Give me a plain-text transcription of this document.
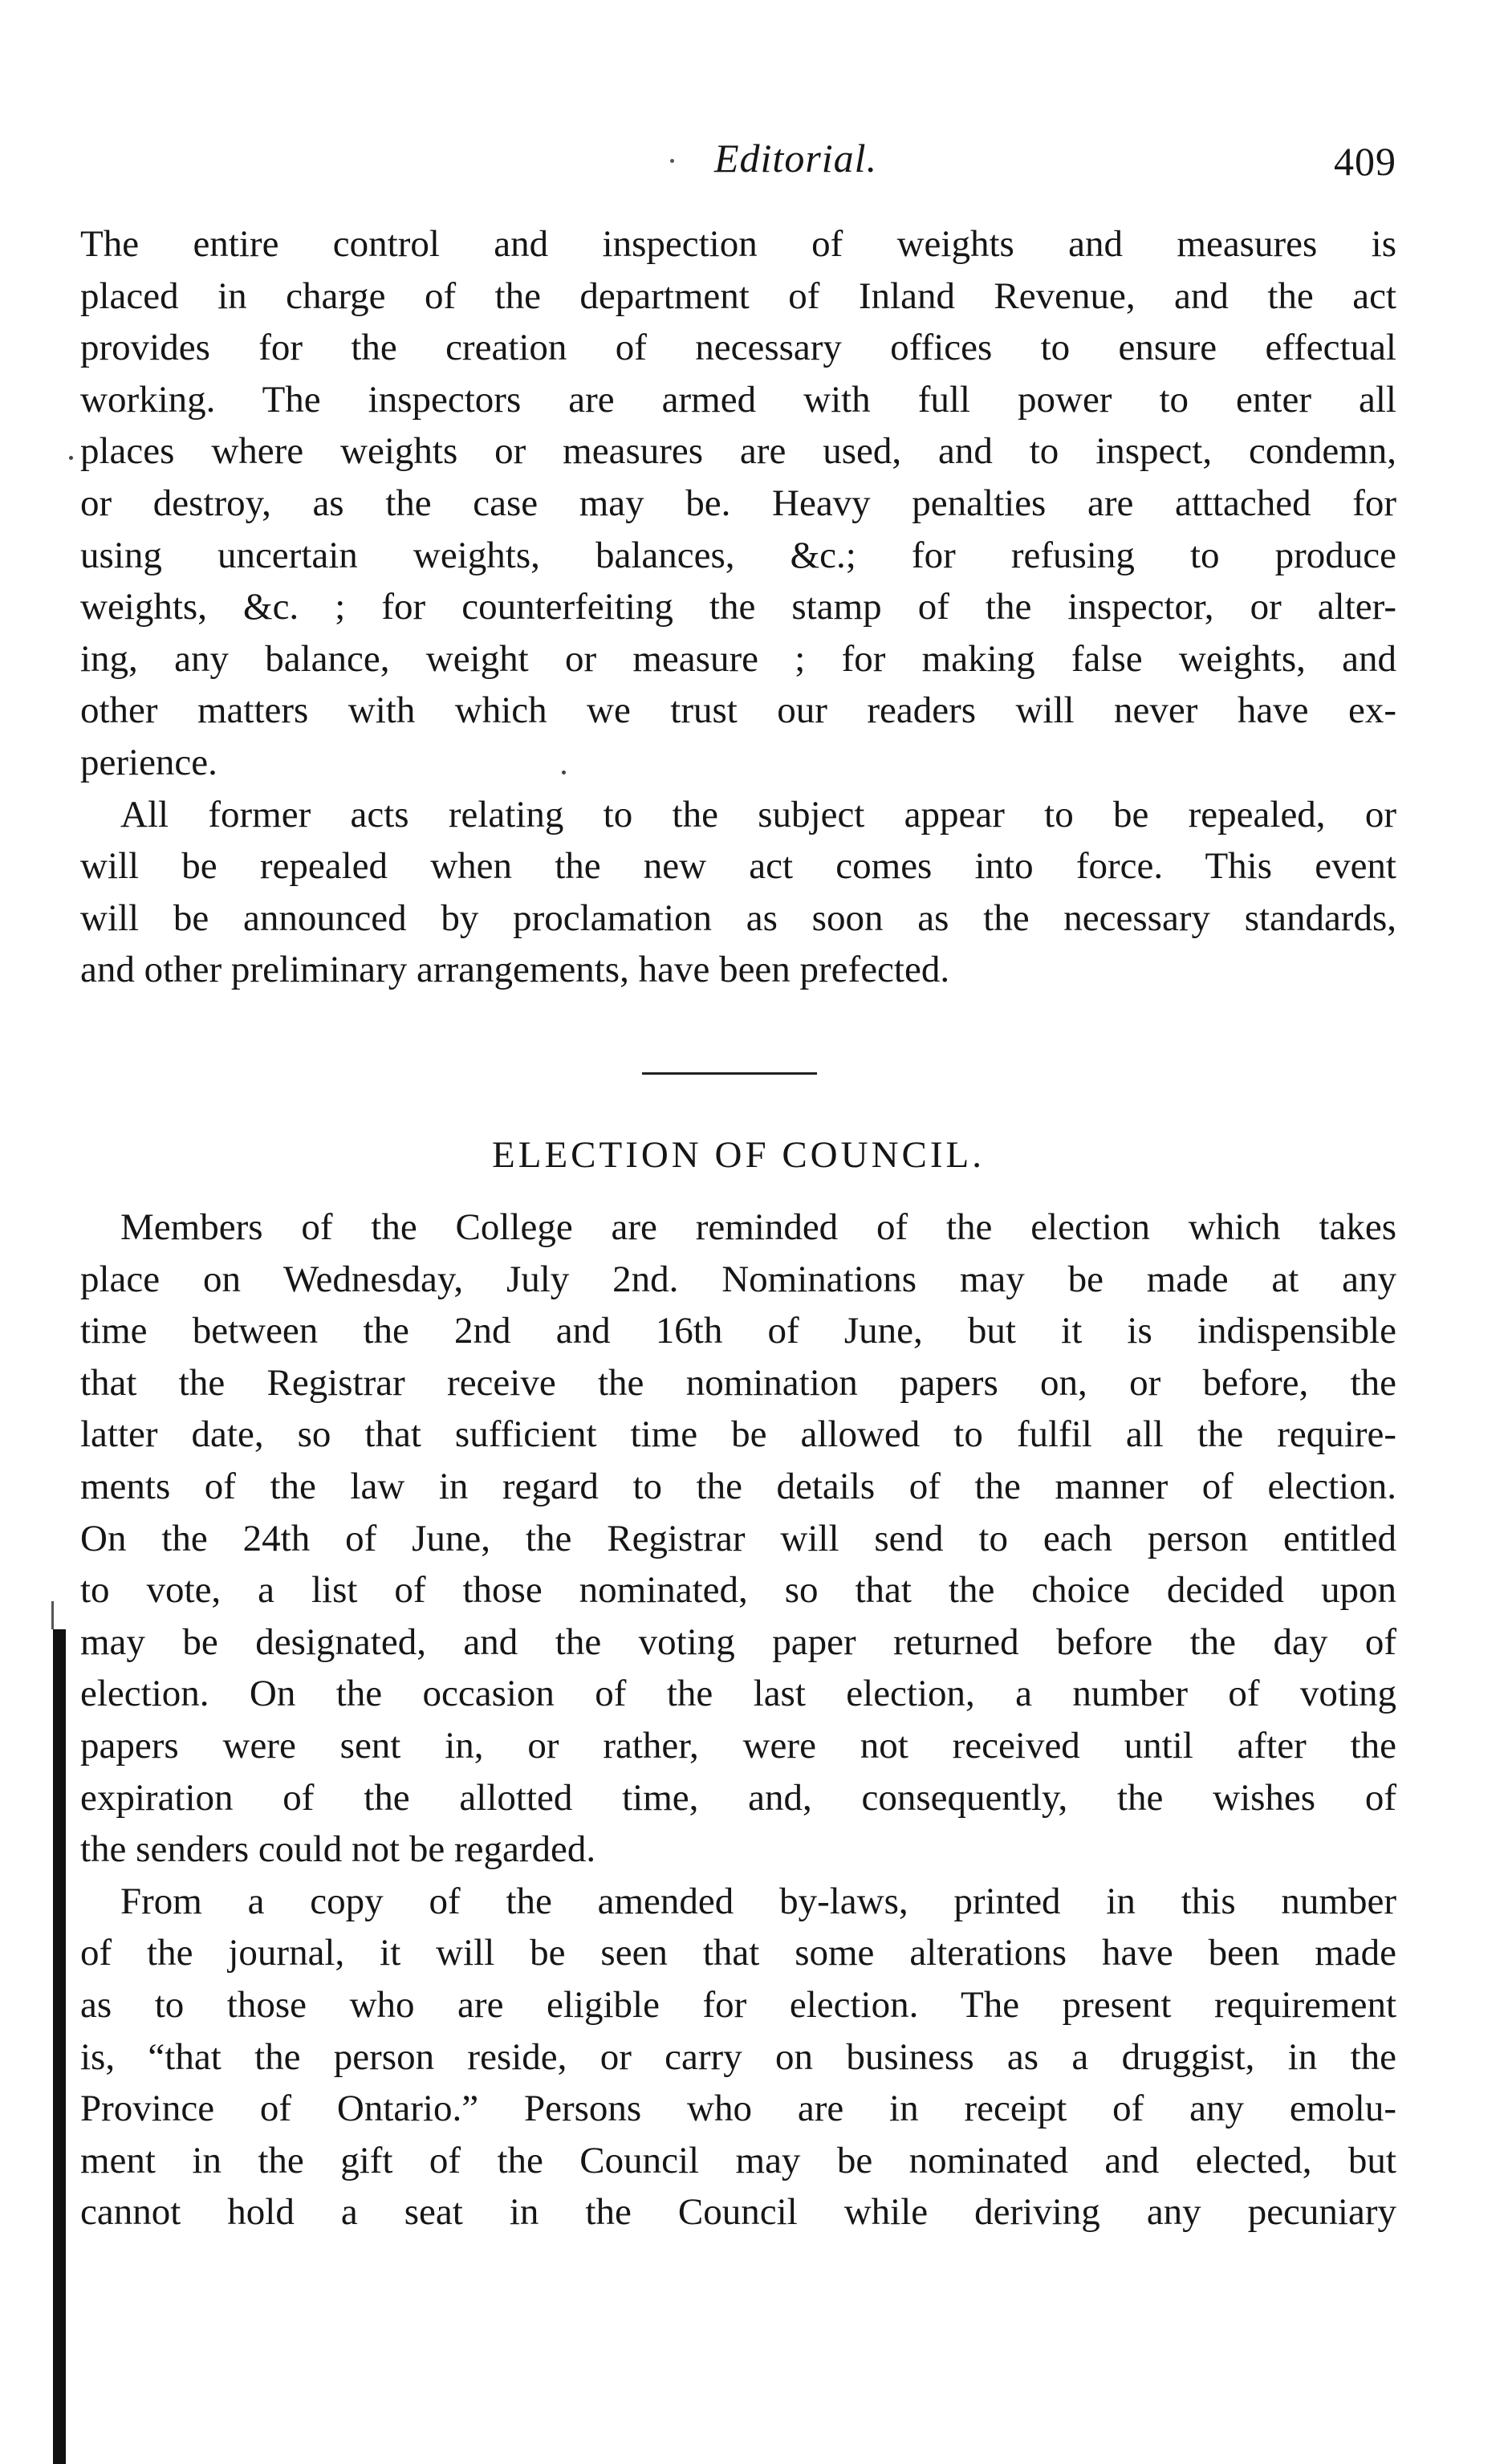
Editorial.	409

The entire control and inspection of weights and measures is
placed in charge of the department of Inland Revenue, and the act
provides for the creation of necessary offices to ensure effectual
working. The inspectors are armed with full power to enter all
places where weights or measures are used, and to inspect, condemn,
or destroy, as the case may be. Heavy penalties are atttached for
using uncertain weights, balances, &c.; for refusing to produce
weights, &c. ; for counterfeiting the stamp of the inspector, or alter-
ing, any balance, weight or measure ; for making false weights, and
other matters with which we trust our readers will never have ex-
perience.

All former acts relating to the subject appear to be repealed, or
will be repealed when the new act comes into force. This event
will be announced by proclamation as soon as the necessary standards,
and other preliminary arrangements, have been prefected.

ELECTION OF COUNCIL.

Members of the College are reminded of the election which takes
place on Wednesday, July 2nd. Nominations may be made at any
time between the 2nd and 16th of June, but it is indispensible
that the Registrar receive the nomination papers on, or before, the
latter date, so that sufficient time be allowed to fulfil all the require-
ments of the law in regard to the details of the manner of election.
On the 24th of June, the Registrar will send to each person entitled
to vote, a list of those nominated, so that the choice decided upon
may be designated, and the voting paper returned before the day of
election. On the occasion of the last election, a number of voting
papers were sent in, or rather, were not received until after the
expiration of the allotted time, and, consequently, the wishes of
the senders could not be regarded.

From a copy of the amended by-laws, printed in this number
of the journal, it will be seen that some alterations have been made
as to those who are eligible for election. The present requirement
is, “that the person reside, or carry on business as a druggist, in the
Province of Ontario.” Persons who are in receipt of any emolu-
ment in the gift of the Council may be nominated and elected, but
cannot hold a seat in the Council while deriving any pecuniary
